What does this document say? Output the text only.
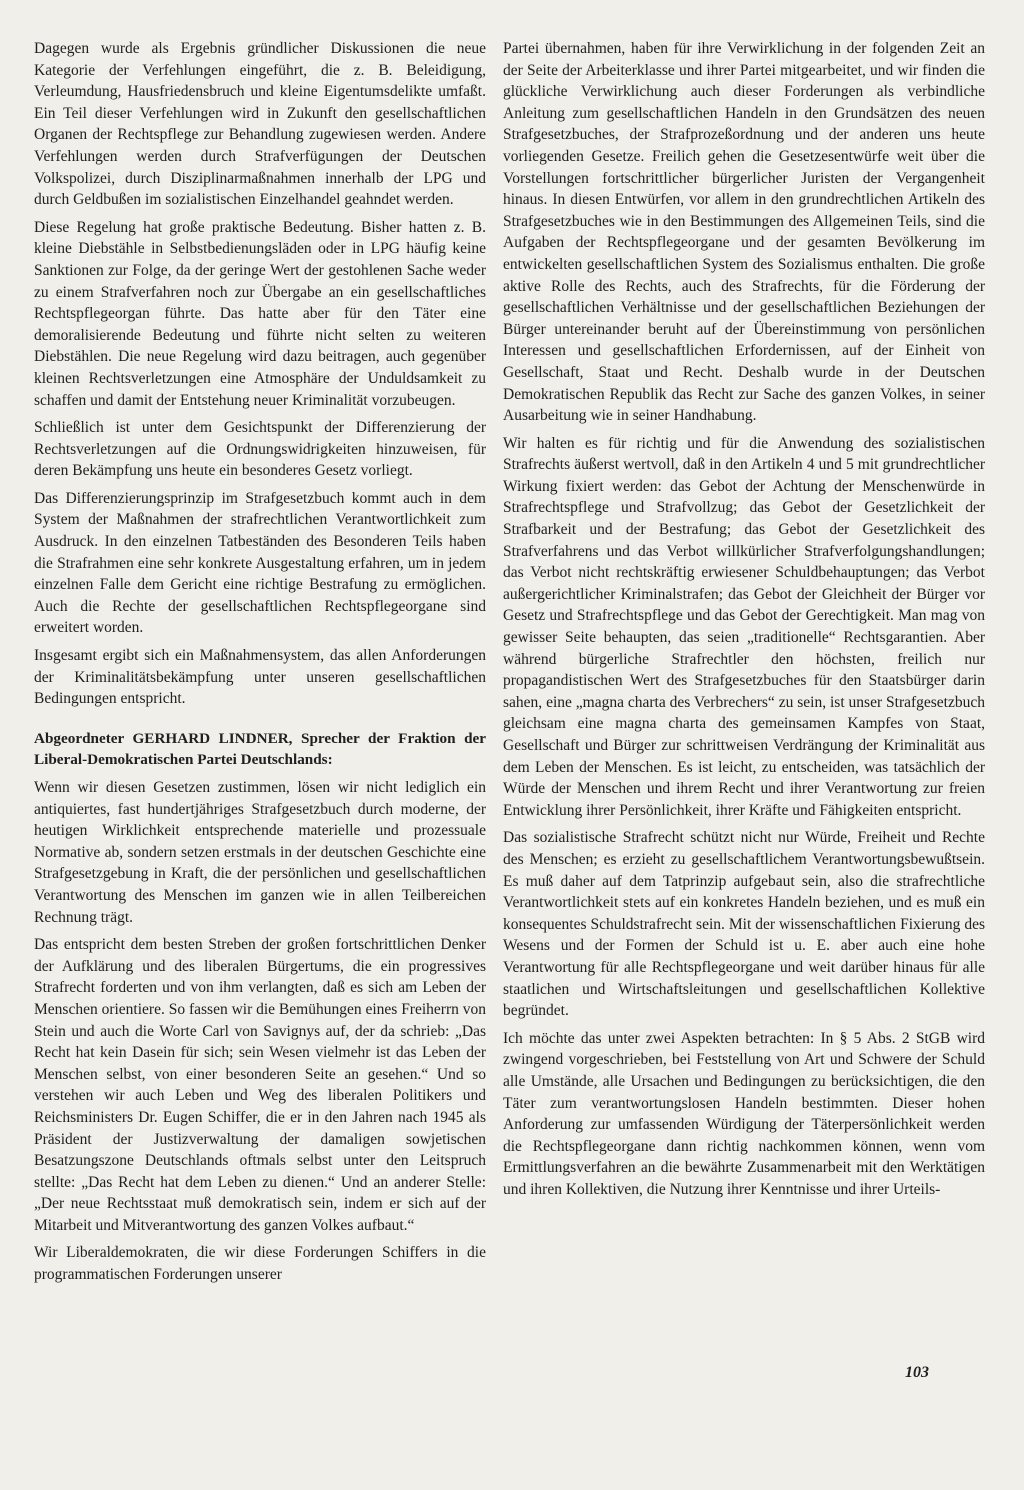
Dagegen wurde als Ergebnis gründlicher Diskussionen die neue Kategorie der Verfehlungen eingeführt, die z. B. Beleidigung, Verleumdung, Hausfriedensbruch und kleine Eigentumsdelikte umfaßt. Ein Teil dieser Verfehlungen wird in Zukunft den gesellschaftlichen Organen der Rechtspflege zur Behandlung zugewiesen werden. Andere Verfehlungen werden durch Strafverfügungen der Deutschen Volkspolizei, durch Disziplinarmaßnahmen innerhalb der LPG und durch Geldbußen im sozialistischen Einzelhandel geahndet werden.

Diese Regelung hat große praktische Bedeutung. Bisher hatten z. B. kleine Diebstähle in Selbstbedienungsläden oder in LPG häufig keine Sanktionen zur Folge, da der geringe Wert der gestohlenen Sache weder zu einem Strafverfahren noch zur Übergabe an ein gesellschaftliches Rechtspflegeorgan führte. Das hatte aber für den Täter eine demoralisierende Bedeutung und führte nicht selten zu weiteren Diebstählen. Die neue Regelung wird dazu beitragen, auch gegenüber kleinen Rechtsverletzungen eine Atmosphäre der Unduldsamkeit zu schaffen und damit der Entstehung neuer Kriminalität vorzubeugen.

Schließlich ist unter dem Gesichtspunkt der Differenzierung der Rechtsverletzungen auf die Ordnungswidrigkeiten hinzuweisen, für deren Bekämpfung uns heute ein besonderes Gesetz vorliegt.

Das Differenzierungsprinzip im Strafgesetzbuch kommt auch in dem System der Maßnahmen der strafrechtlichen Verantwortlichkeit zum Ausdruck. In den einzelnen Tatbeständen des Besonderen Teils haben die Strafrahmen eine sehr konkrete Ausgestaltung erfahren, um in jedem einzelnen Falle dem Gericht eine richtige Bestrafung zu ermöglichen. Auch die Rechte der gesellschaftlichen Rechtspflegeorgane sind erweitert worden.

Insgesamt ergibt sich ein Maßnahmensystem, das allen Anforderungen der Kriminalitätsbekämpfung unter unseren gesellschaftlichen Bedingungen entspricht.

Abgeordneter GERHARD LINDNER, Sprecher der Fraktion der Liberal-Demokratischen Partei Deutschlands:

Wenn wir diesen Gesetzen zustimmen, lösen wir nicht lediglich ein antiquiertes, fast hundertjähriges Strafgesetzbuch durch moderne, der heutigen Wirklichkeit entsprechende materielle und prozessuale Normative ab, sondern setzen erstmals in der deutschen Geschichte eine Strafgesetzgebung in Kraft, die der persönlichen und gesellschaftlichen Verantwortung des Menschen im ganzen wie in allen Teilbereichen Rechnung trägt.

Das entspricht dem besten Streben der großen fortschrittlichen Denker der Aufklärung und des liberalen Bürgertums, die ein progressives Strafrecht forderten und von ihm verlangten, daß es sich am Leben der Menschen orientiere. So fassen wir die Bemühungen eines Freiherrn von Stein und auch die Worte Carl von Savignys auf, der da schrieb: „Das Recht hat kein Dasein für sich; sein Wesen vielmehr ist das Leben der Menschen selbst, von einer besonderen Seite an gesehen.“ Und so verstehen wir auch Leben und Weg des liberalen Politikers und Reichsministers Dr. Eugen Schiffer, die er in den Jahren nach 1945 als Präsident der Justizverwaltung der damaligen sowjetischen Besatzungszone Deutschlands oftmals selbst unter den Leitspruch stellte: „Das Recht hat dem Leben zu dienen.“ Und an anderer Stelle: „Der neue Rechtsstaat muß demokratisch sein, indem er sich auf der Mitarbeit und Mitverantwortung des ganzen Volkes aufbaut.“

Wir Liberaldemokraten, die wir diese Forderungen Schiffers in die programmatischen Forderungen unserer

Partei übernahmen, haben für ihre Verwirklichung in der folgenden Zeit an der Seite der Arbeiterklasse und ihrer Partei mitgearbeitet, und wir finden die glückliche Verwirklichung auch dieser Forderungen als verbindliche Anleitung zum gesellschaftlichen Handeln in den Grundsätzen des neuen Strafgesetzbuches, der Strafprozeßordnung und der anderen uns heute vorliegenden Gesetze. Freilich gehen die Gesetzesentwürfe weit über die Vorstellungen fortschrittlicher bürgerlicher Juristen der Vergangenheit hinaus. In diesen Entwürfen, vor allem in den grundrechtlichen Artikeln des Strafgesetzbuches wie in den Bestimmungen des Allgemeinen Teils, sind die Aufgaben der Rechtspflegeorgane und der gesamten Bevölkerung im entwickelten gesellschaftlichen System des Sozialismus enthalten. Die große aktive Rolle des Rechts, auch des Strafrechts, für die Förderung der gesellschaftlichen Verhältnisse und der gesellschaftlichen Beziehungen der Bürger untereinander beruht auf der Übereinstimmung von persönlichen Interessen und gesellschaftlichen Erfordernissen, auf der Einheit von Gesellschaft, Staat und Recht. Deshalb wurde in der Deutschen Demokratischen Republik das Recht zur Sache des ganzen Volkes, in seiner Ausarbeitung wie in seiner Handhabung.

Wir halten es für richtig und für die Anwendung des sozialistischen Strafrechts äußerst wertvoll, daß in den Artikeln 4 und 5 mit grundrechtlicher Wirkung fixiert werden: das Gebot der Achtung der Menschenwürde in Strafrechtspflege und Strafvollzug; das Gebot der Gesetzlichkeit der Strafbarkeit und der Bestrafung; das Gebot der Gesetzlichkeit des Strafverfahrens und das Verbot willkürlicher Strafverfolgungshandlungen; das Verbot nicht rechtskräftig erwiesener Schuldbehauptungen; das Verbot außergerichtlicher Kriminalstrafen; das Gebot der Gleichheit der Bürger vor Gesetz und Strafrechtspflege und das Gebot der Gerechtigkeit. Man mag von gewisser Seite behaupten, das seien „traditionelle“ Rechtsgarantien. Aber während bürgerliche Strafrechtler den höchsten, freilich nur propagandistischen Wert des Strafgesetzbuches für den Staatsbürger darin sahen, eine „magna charta des Verbrechers“ zu sein, ist unser Strafgesetzbuch gleichsam eine magna charta des gemeinsamen Kampfes von Staat, Gesellschaft und Bürger zur schrittweisen Verdrängung der Kriminalität aus dem Leben der Menschen. Es ist leicht, zu entscheiden, was tatsächlich der Würde der Menschen und ihrem Recht und ihrer Verantwortung zur freien Entwicklung ihrer Persönlichkeit, ihrer Kräfte und Fähigkeiten entspricht.

Das sozialistische Strafrecht schützt nicht nur Würde, Freiheit und Rechte des Menschen; es erzieht zu gesellschaftlichem Verantwortungsbewußtsein. Es muß daher auf dem Tatprinzip aufgebaut sein, also die strafrechtliche Verantwortlichkeit stets auf ein konkretes Handeln beziehen, und es muß ein konsequentes Schuldstrafrecht sein. Mit der wissenschaftlichen Fixierung des Wesens und der Formen der Schuld ist u. E. aber auch eine hohe Verantwortung für alle Rechtspflegeorgane und weit darüber hinaus für alle staatlichen und Wirtschaftsleitungen und gesellschaftlichen Kollektive begründet.

Ich möchte das unter zwei Aspekten betrachten: In § 5 Abs. 2 StGB wird zwingend vorgeschrieben, bei Feststellung von Art und Schwere der Schuld alle Umstände, alle Ursachen und Bedingungen zu berücksichtigen, die den Täter zum verantwortungslosen Handeln bestimmten. Dieser hohen Anforderung zur umfassenden Würdigung der Täterpersönlichkeit werden die Rechtspflegeorgane dann richtig nachkommen können, wenn vom Ermittlungsverfahren an die bewährte Zusammenarbeit mit den Werktätigen und ihren Kollektiven, die Nutzung ihrer Kenntnisse und ihrer Urteils-

103
